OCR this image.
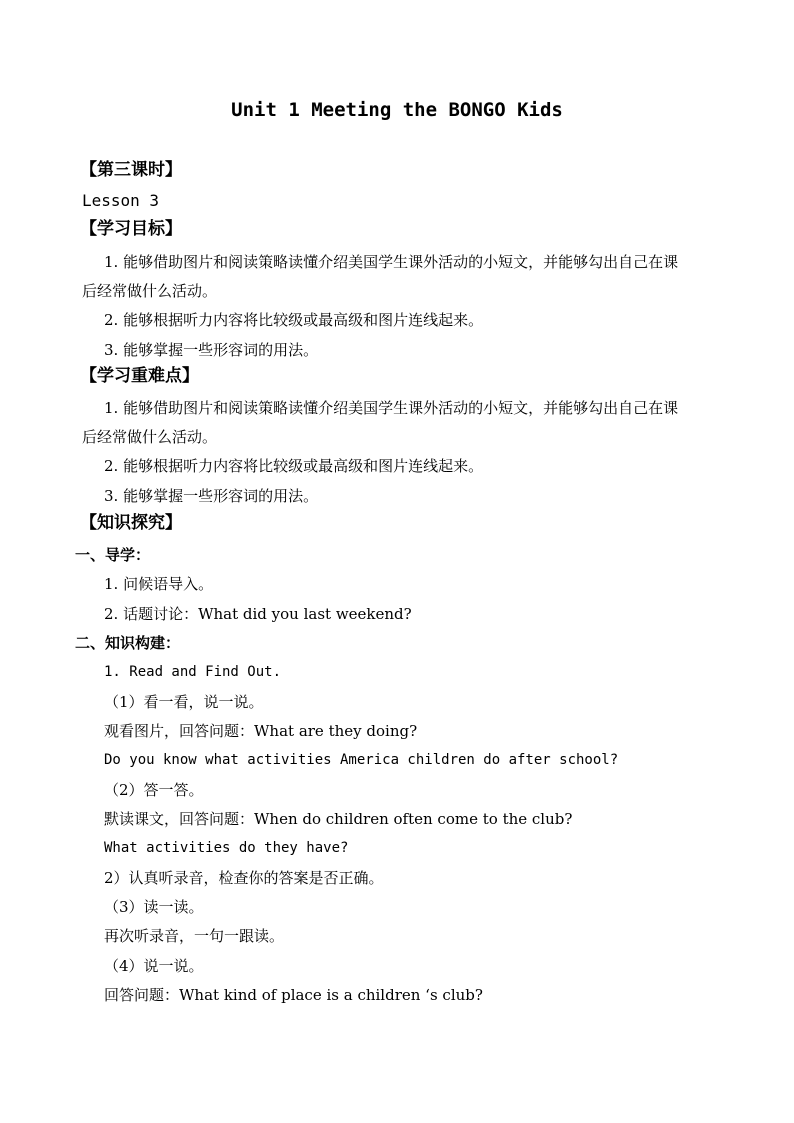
Unit 1 Meeting the BONGO Kids
【第三课时】
Lesson 3
【学习目标】
1. 能够借助图片和阅读策略读懂介绍美国学生课外活动的小短文，并能够勾出自己在课
后经常做什么活动。
2. 能够根据听力内容将比较级或最高级和图片连线起来。
3. 能够掌握一些形容词的用法。
【学习重难点】
1. 能够借助图片和阅读策略读懂介绍美国学生课外活动的小短文，并能够勾出自己在课
后经常做什么活动。
2. 能够根据听力内容将比较级或最高级和图片连线起来。
3. 能够掌握一些形容词的用法。
【知识探究】
一、导学：
1. 问候语导入。
2. 话题讨论：What did you last weekend?
二、知识构建：
1. Read and Find Out.
（1）看一看，说一说。
观看图片，回答问题：What are they doing?
Do you know what activities America children do after school?
（2）答一答。
默读课文，回答问题：When do children often come to the club?
What activities do they have?
2）认真听录音，检查你的答案是否正确。
（3）读一读。
再次听录音，一句一跟读。
（4）说一说。
回答问题：What kind of place is a children ‘s club?
